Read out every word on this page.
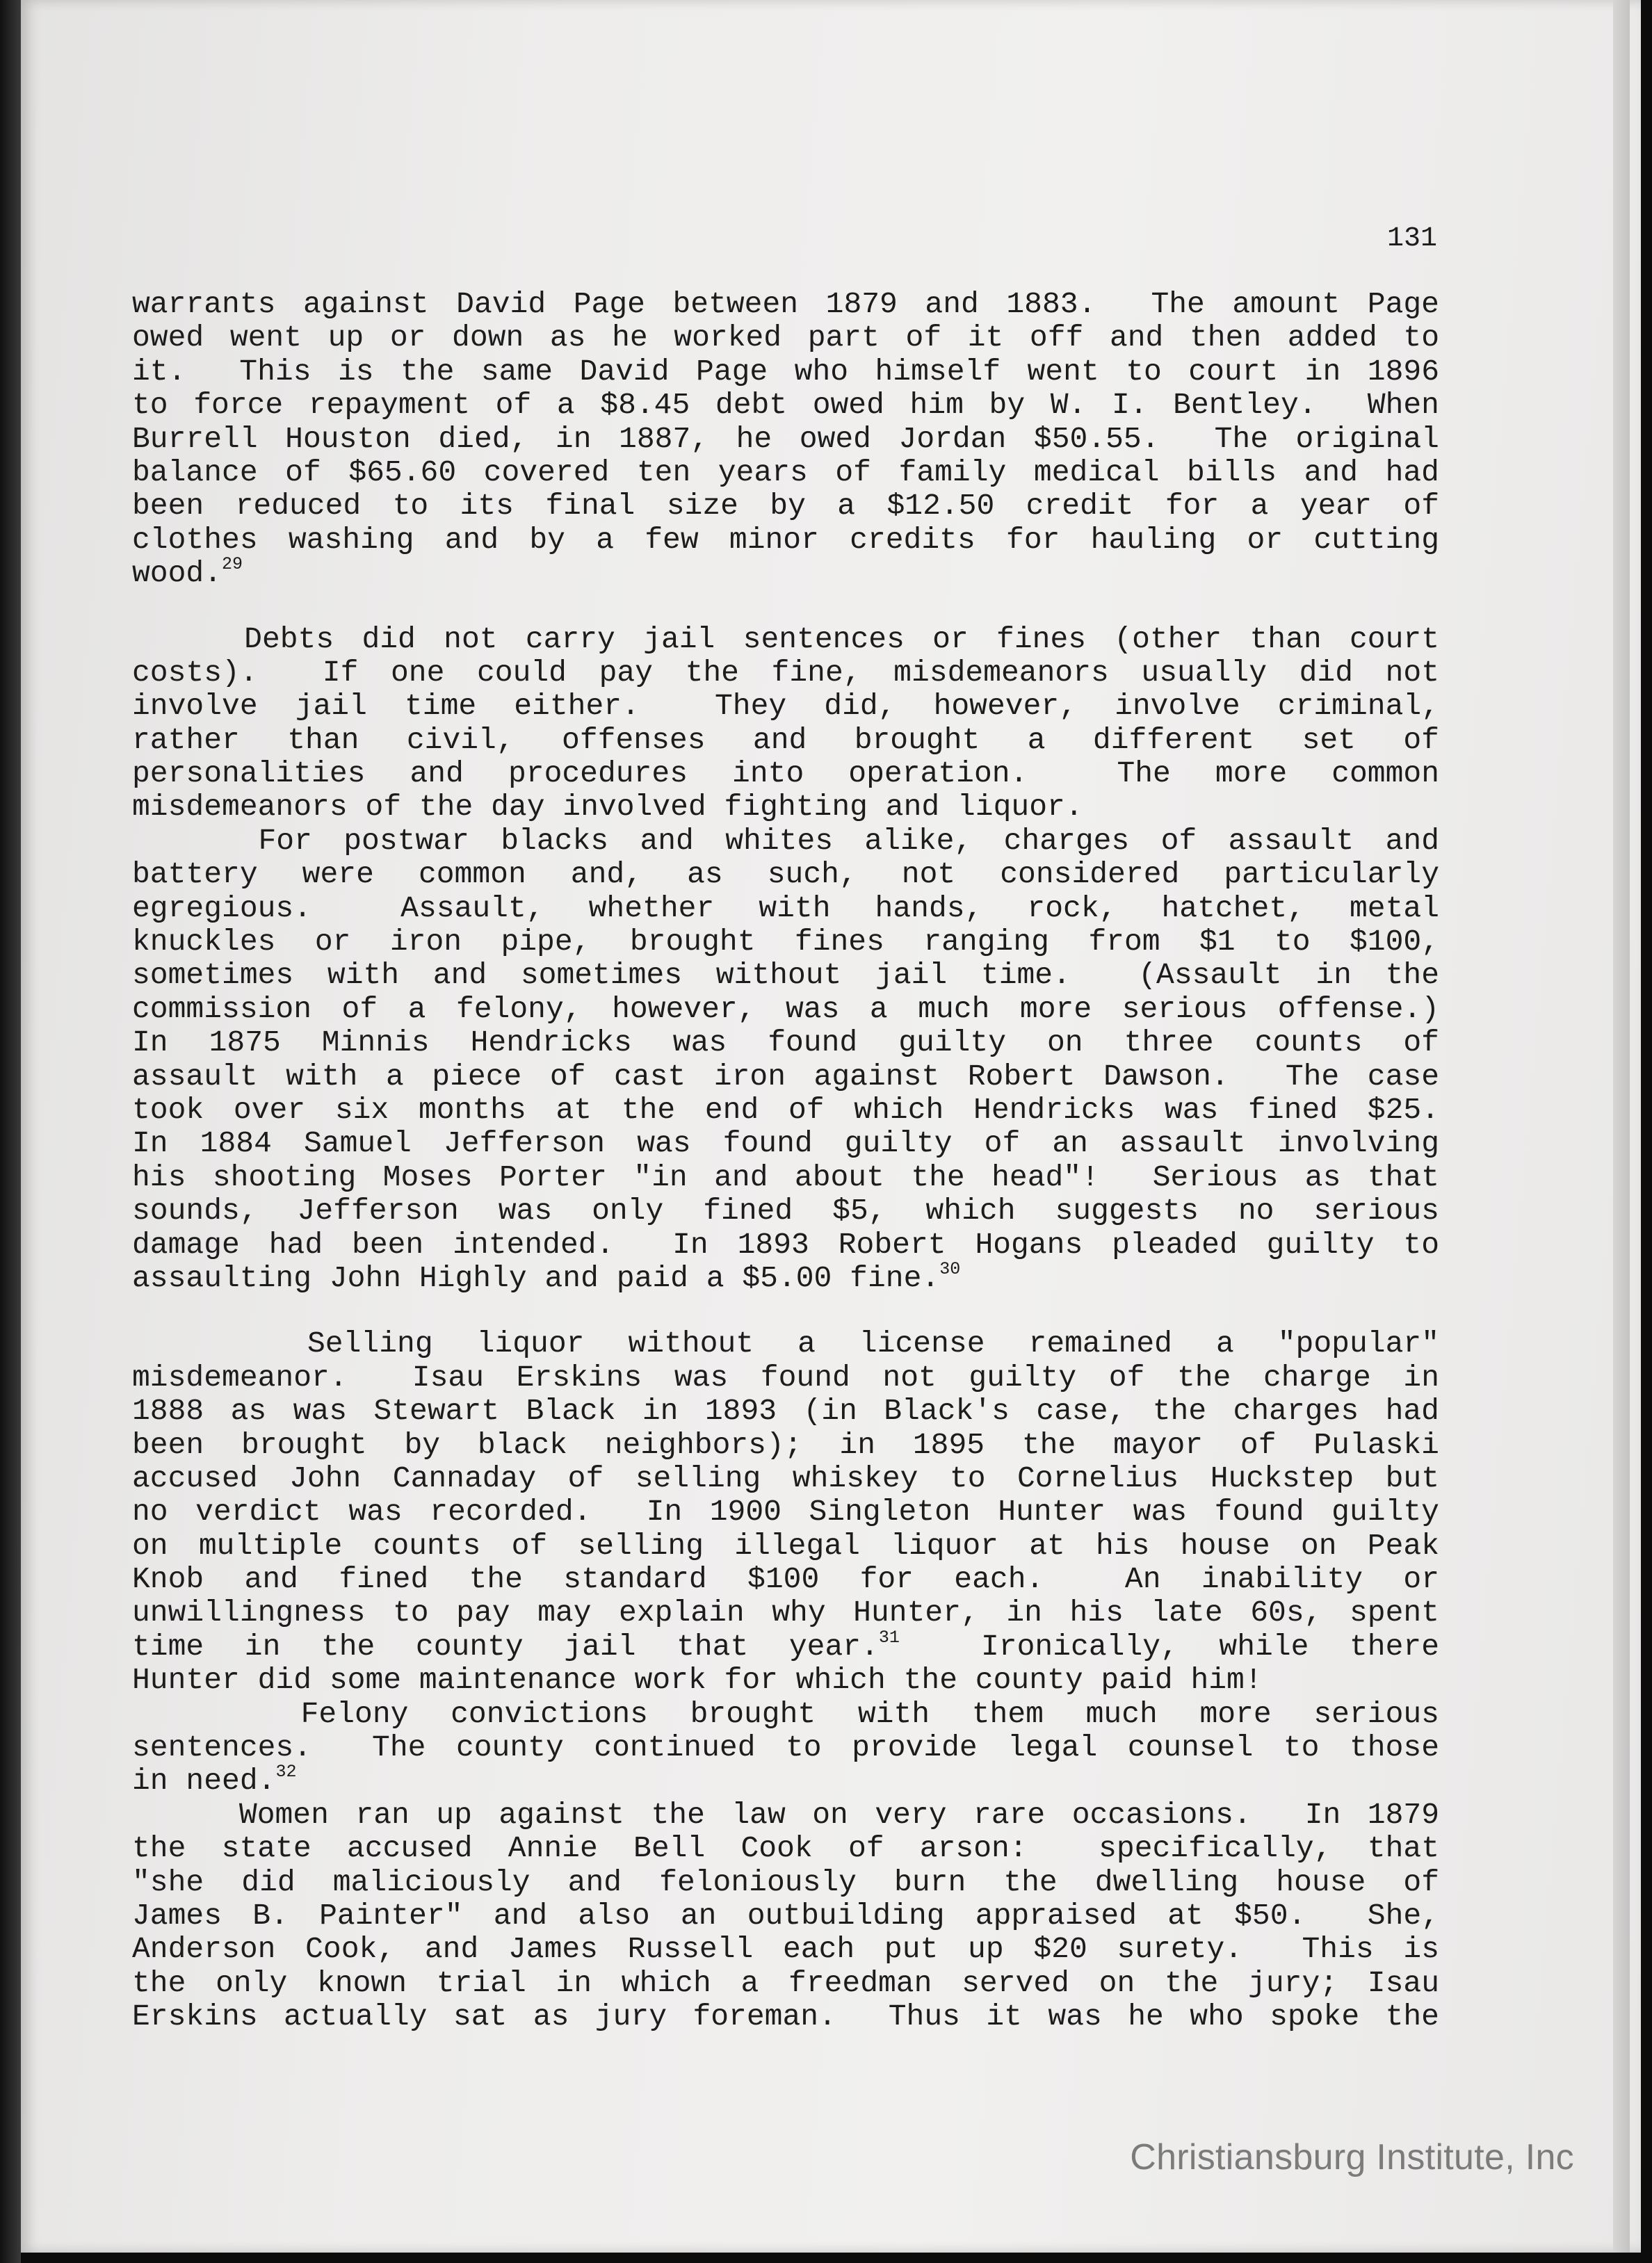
131
warrants against David Page between 1879 and 1883.  The amount Page
owed went up or down as he worked part of it off and then added to
it.  This is the same David Page who himself went to court in 1896
to force repayment of a $8.45 debt owed him by W. I. Bentley.  When
Burrell Houston died, in 1887, he owed Jordan $50.55.  The original
balance of $65.60 covered ten years of family medical bills and had
been reduced to its final size by a $12.50 credit for a year of
clothes washing and by a few minor credits for hauling or cutting
wood.$^{29}$
Debts did not carry jail sentences or fines (other than court
costs).  If one could pay the fine, misdemeanors usually did not
involve jail time either.  They did, however, involve criminal,
rather than civil, offenses and brought a different set of
personalities and procedures into operation.  The more common
misdemeanors of the day involved fighting and liquor.
For postwar blacks and whites alike, charges of assault and
battery were common and, as such, not considered particularly
egregious.  Assault, whether with hands, rock, hatchet, metal
knuckles or iron pipe, brought fines ranging from $1 to $100,
sometimes with and sometimes without jail time.  (Assault in the
commission of a felony, however, was a much more serious offense.)
In 1875 Minnis Hendricks was found guilty on three counts of
assault with a piece of cast iron against Robert Dawson.  The case
took over six months at the end of which Hendricks was fined $25.
In 1884 Samuel Jefferson was found guilty of an assault involving
his shooting Moses Porter "in and about the head"!  Serious as that
sounds, Jefferson was only fined $5, which suggests no serious
damage had been intended.  In 1893 Robert Hogans pleaded guilty to
assaulting John Highly and paid a $5.00 fine.$^{30}$
Selling liquor without a license remained a "popular"
misdemeanor.  Isau Erskins was found not guilty of the charge in
1888 as was Stewart Black in 1893 (in Black's case, the charges had
been brought by black neighbors); in 1895 the mayor of Pulaski
accused John Cannaday of selling whiskey to Cornelius Huckstep but
no verdict was recorded.  In 1900 Singleton Hunter was found guilty
on multiple counts of selling illegal liquor at his house on Peak
Knob and fined the standard $100 for each.  An inability or
unwillingness to pay may explain why Hunter, in his late 60s, spent
time in the county jail that year.$^{31}$  Ironically, while there
Hunter did some maintenance work for which the county paid him!
Felony convictions brought with them much more serious
sentences.  The county continued to provide legal counsel to those
in need.$^{32}$
Women ran up against the law on very rare occasions.  In 1879
the state accused Annie Bell Cook of arson:  specifically, that
"she did maliciously and feloniously burn the dwelling house of
James B. Painter" and also an outbuilding appraised at $50.  She,
Anderson Cook, and James Russell each put up $20 surety.  This is
the only known trial in which a freedman served on the jury; Isau
Erskins actually sat as jury foreman.  Thus it was he who spoke the
Christiansburg Institute, Inc
